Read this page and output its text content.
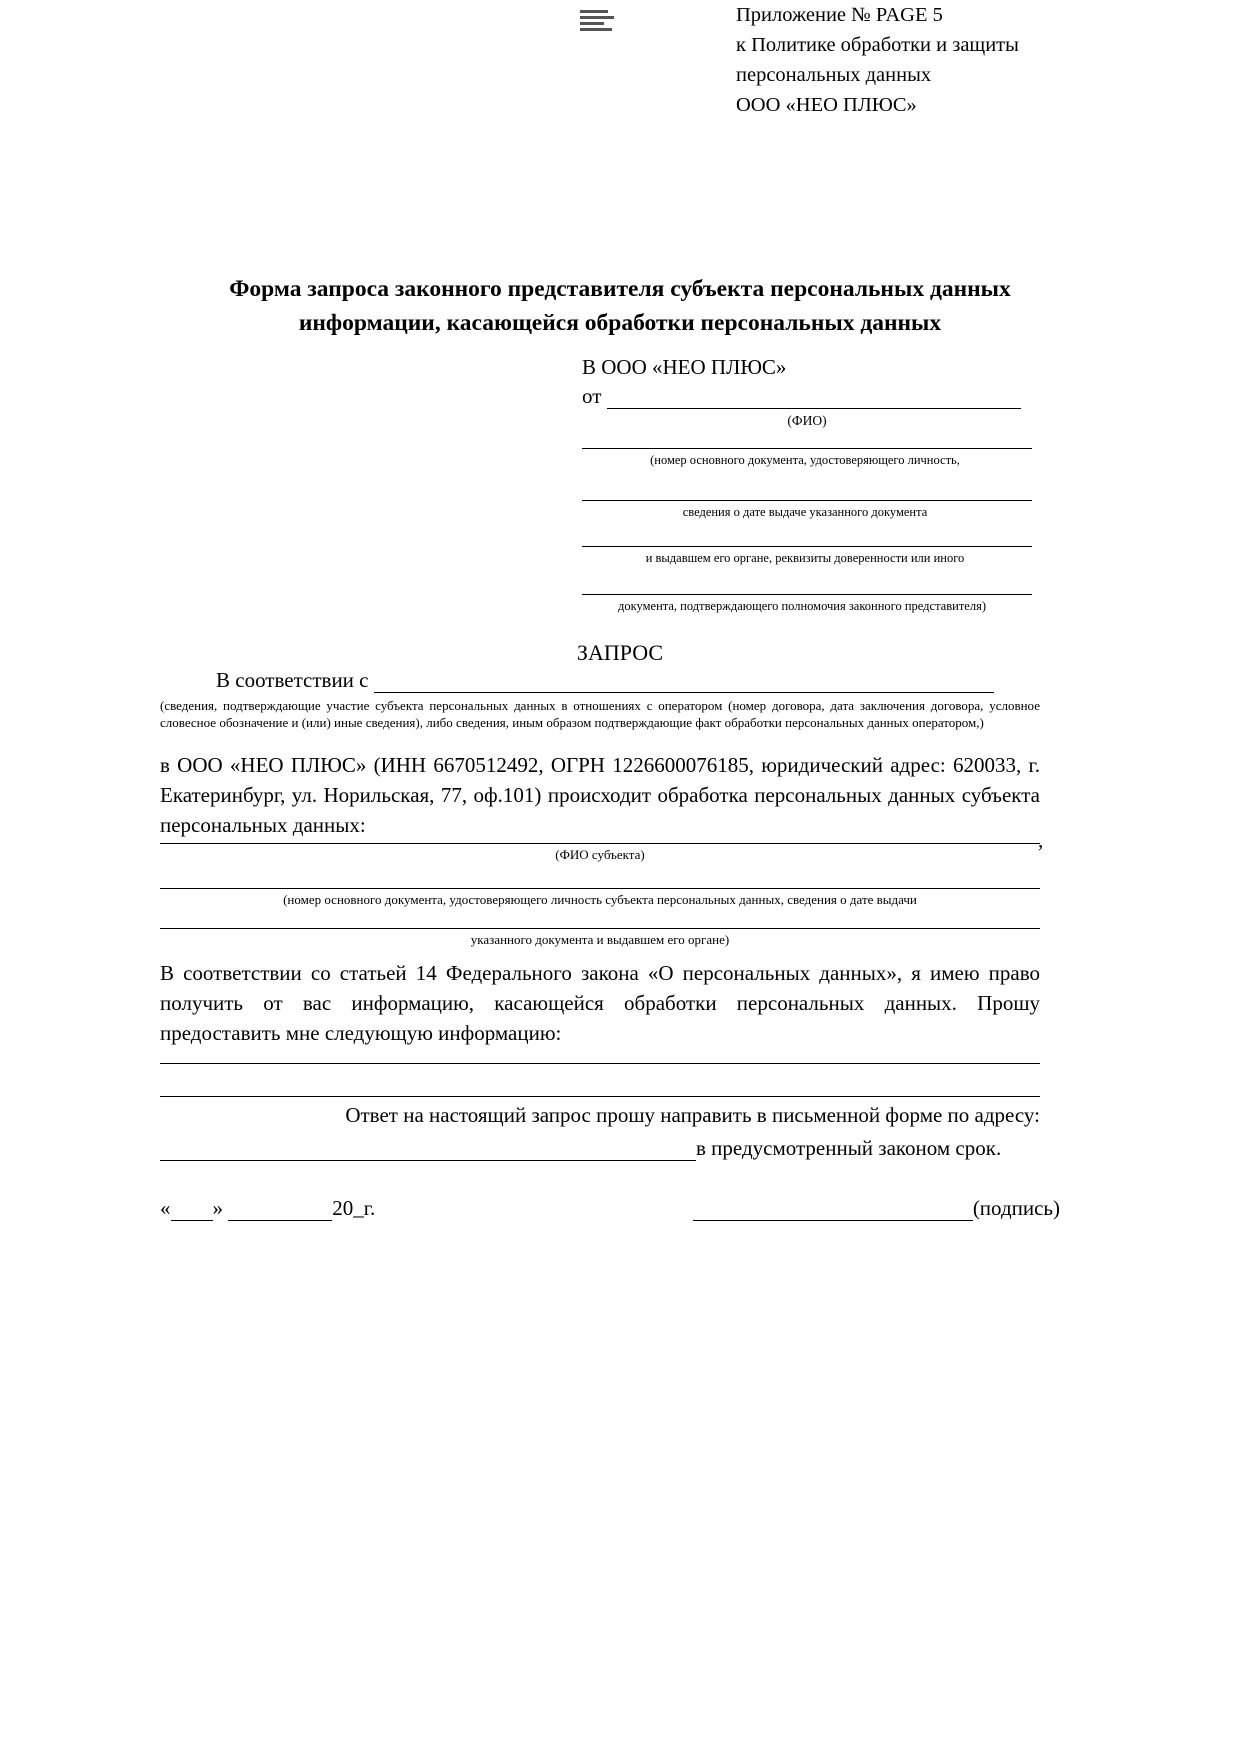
Приложение № PAGE 5
к Политике обработки и защиты
персональных данных
ООО «НЕО ПЛЮС»
Форма запроса законного представителя субъекта персональных данных
информации, касающейся обработки персональных данных
В ООО «НЕО ПЛЮС»
от
(ФИО)
(номер основного документа, удостоверяющего личность,
сведения о дате выдаче указанного документа
и выдавшем его органе, реквизиты доверенности или иного
документа, подтверждающего полномочия законного представителя)
ЗАПРОС
В соответствии с
(сведения, подтверждающие участие субъекта персональных данных в отношениях с оператором (номер договора, дата заключения договора, условное словесное обозначение и (или) иные сведения), либо сведения, иным образом подтверждающие факт обработки персональных данных оператором,)
в ООО «НЕО ПЛЮС» (ИНН 6670512492, ОГРН 1226600076185, юридический адрес: 620033, г. Екатеринбург, ул. Норильская, 77, оф.101) происходит обработка персональных данных субъекта персональных данных:
,
(ФИО субъекта)
(номер основного документа, удостоверяющего личность субъекта персональных данных, сведения о дате выдачи
указанного документа и выдавшем его органе)
В соответствии со статьей 14 Федерального закона «О персональных данных», я имею право получить от вас информацию, касающейся обработки персональных данных. Прошу предоставить мне следующую информацию:
Ответ на настоящий запрос прошу направить в письменной форме по адресу:
в предусмотренный законом срок.
« »	20_г.	(подпись)
